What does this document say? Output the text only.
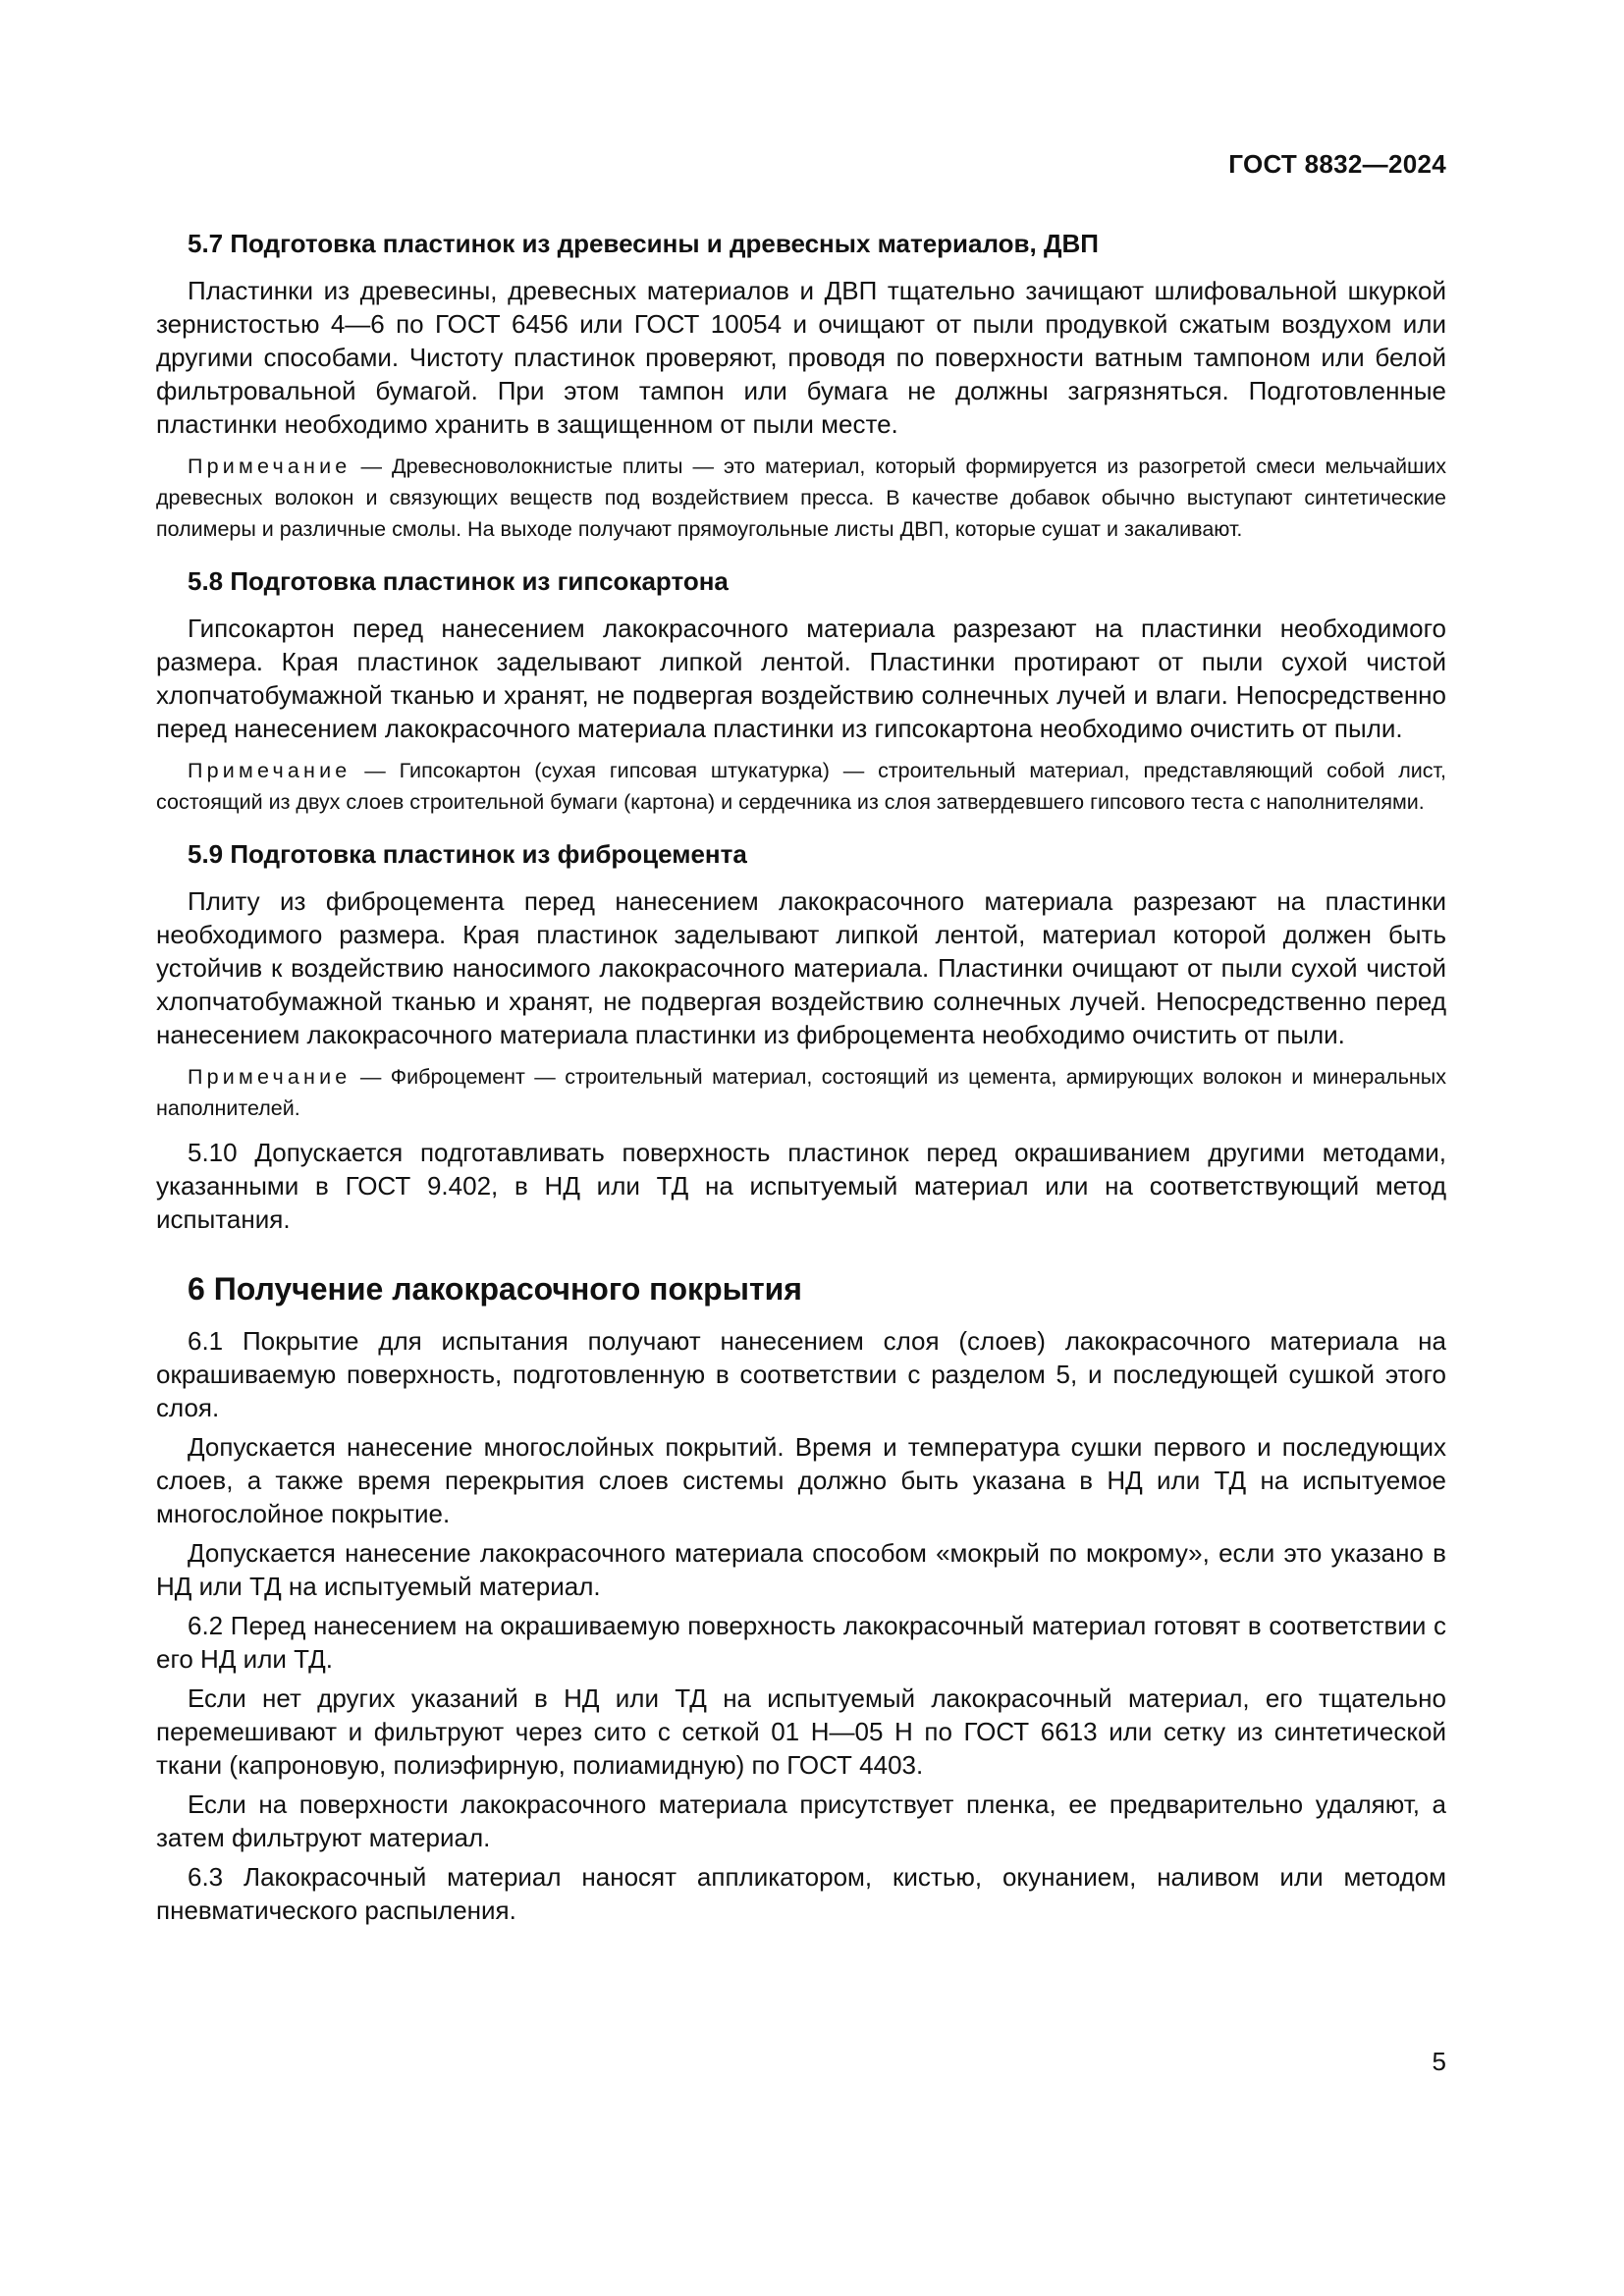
ГОСТ 8832—2024
5.7 Подготовка пластинок из древесины и древесных материалов, ДВП

Пластинки из древесины, древесных материалов и ДВП тщательно зачищают шлифовальной шкуркой зернистостью 4—6 по ГОСТ 6456 или ГОСТ 10054 и очищают от пыли продувкой сжатым воздухом или другими способами. Чистоту пластинок проверяют, проводя по поверхности ватным тампоном или белой фильтровальной бумагой. При этом тампон или бумага не должны загрязняться. Подготовленные пластинки необходимо хранить в защищенном от пыли месте.

Примечание — Древесноволокнистые плиты — это материал, который формируется из разогретой смеси мельчайших древесных волокон и связующих веществ под воздействием пресса. В качестве добавок обычно выступают синтетические полимеры и различные смолы. На выходе получают прямоугольные листы ДВП, которые сушат и закаливают.

5.8 Подготовка пластинок из гипсокартона

Гипсокартон перед нанесением лакокрасочного материала разрезают на пластинки необходимого размера. Края пластинок заделывают липкой лентой. Пластинки протирают от пыли сухой чистой хлопчатобумажной тканью и хранят, не подвергая воздействию солнечных лучей и влаги. Непосредственно перед нанесением лакокрасочного материала пластинки из гипсокартона необходимо очистить от пыли.

Примечание — Гипсокартон (сухая гипсовая штукатурка) — строительный материал, представляющий собой лист, состоящий из двух слоев строительной бумаги (картона) и сердечника из слоя затвердевшего гипсового теста с наполнителями.

5.9 Подготовка пластинок из фиброцемента

Плиту из фиброцемента перед нанесением лакокрасочного материала разрезают на пластинки необходимого размера. Края пластинок заделывают липкой лентой, материал которой должен быть устойчив к воздействию наносимого лакокрасочного материала. Пластинки очищают от пыли сухой чистой хлопчатобумажной тканью и хранят, не подвергая воздействию солнечных лучей. Непосредственно перед нанесением лакокрасочного материала пластинки из фиброцемента необходимо очистить от пыли.

Примечание — Фиброцемент — строительный материал, состоящий из цемента, армирующих волокон и минеральных наполнителей.

5.10 Допускается подготавливать поверхность пластинок перед окрашиванием другими методами, указанными в ГОСТ 9.402, в НД или ТД на испытуемый материал или на соответствующий метод испытания.

6 Получение лакокрасочного покрытия

6.1 Покрытие для испытания получают нанесением слоя (слоев) лакокрасочного материала на окрашиваемую поверхность, подготовленную в соответствии с разделом 5, и последующей сушкой этого слоя.

Допускается нанесение многослойных покрытий. Время и температура сушки первого и последующих слоев, а также время перекрытия слоев системы должно быть указана в НД или ТД на испытуемое многослойное покрытие.

Допускается нанесение лакокрасочного материала способом «мокрый по мокрому», если это указано в НД или ТД на испытуемый материал.

6.2 Перед нанесением на окрашиваемую поверхность лакокрасочный материал готовят в соответствии с его НД или ТД.

Если нет других указаний в НД или ТД на испытуемый лакокрасочный материал, его тщательно перемешивают и фильтруют через сито с сеткой 01 Н—05 Н по ГОСТ 6613 или сетку из синтетической ткани (капроновую, полиэфирную, полиамидную) по ГОСТ 4403.

Если на поверхности лакокрасочного материала присутствует пленка, ее предварительно удаляют, а затем фильтруют материал.

6.3 Лакокрасочный материал наносят аппликатором, кистью, окунанием, наливом или методом пневматического распыления.

5
